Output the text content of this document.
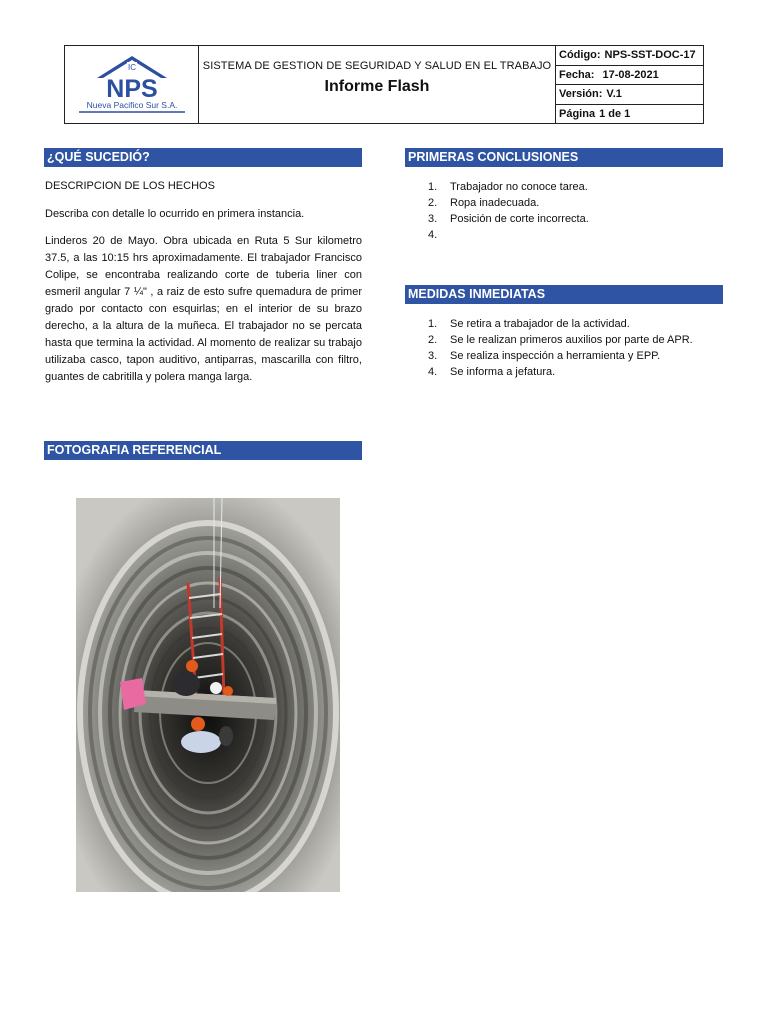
IC
NPS
Nueva Pacifico Sur S.A.
SISTEMA DE GESTION DE SEGURIDAD Y SALUD EN EL TRABAJO
Informe Flash
Código: NPS-SST-DOC-17
Fecha: 17-08-2021
Versión: V.1
Página 1 de 1
¿QUÉ SUCEDIÓ?
DESCRIPCION DE LOS HECHOS
Describa con detalle lo ocurrido en primera instancia.
Linderos 20 de Mayo. Obra ubicada en Ruta 5 Sur kilometro 37.5, a las 10:15 hrs aproximadamente. El trabajador Francisco Colipe, se encontraba realizando corte de tuberia liner con esmeril angular 7 ¼" , a raiz de esto sufre quemadura de primer grado por contacto con esquirlas; en el interior de su brazo derecho, a la altura de la muñeca. El trabajador no se percata hasta que termina la actividad. Al momento de realizar su trabajo utilizaba casco, tapon auditivo, antiparras, mascarilla con filtro, guantes de cabritilla y polera manga larga.
FOTOGRAFIA REFERENCIAL
PRIMERAS CONCLUSIONES
1.	Trabajador no conoce tarea.
2.	Ropa inadecuada.
3.	Posición de corte incorrecta.
4.
MEDIDAS INMEDIATAS
1.	Se retira a trabajador de la actividad.
2.	Se le realizan primeros auxilios por parte de APR.
3.	Se realiza inspección a herramienta y EPP.
4.	Se informa a jefatura.
